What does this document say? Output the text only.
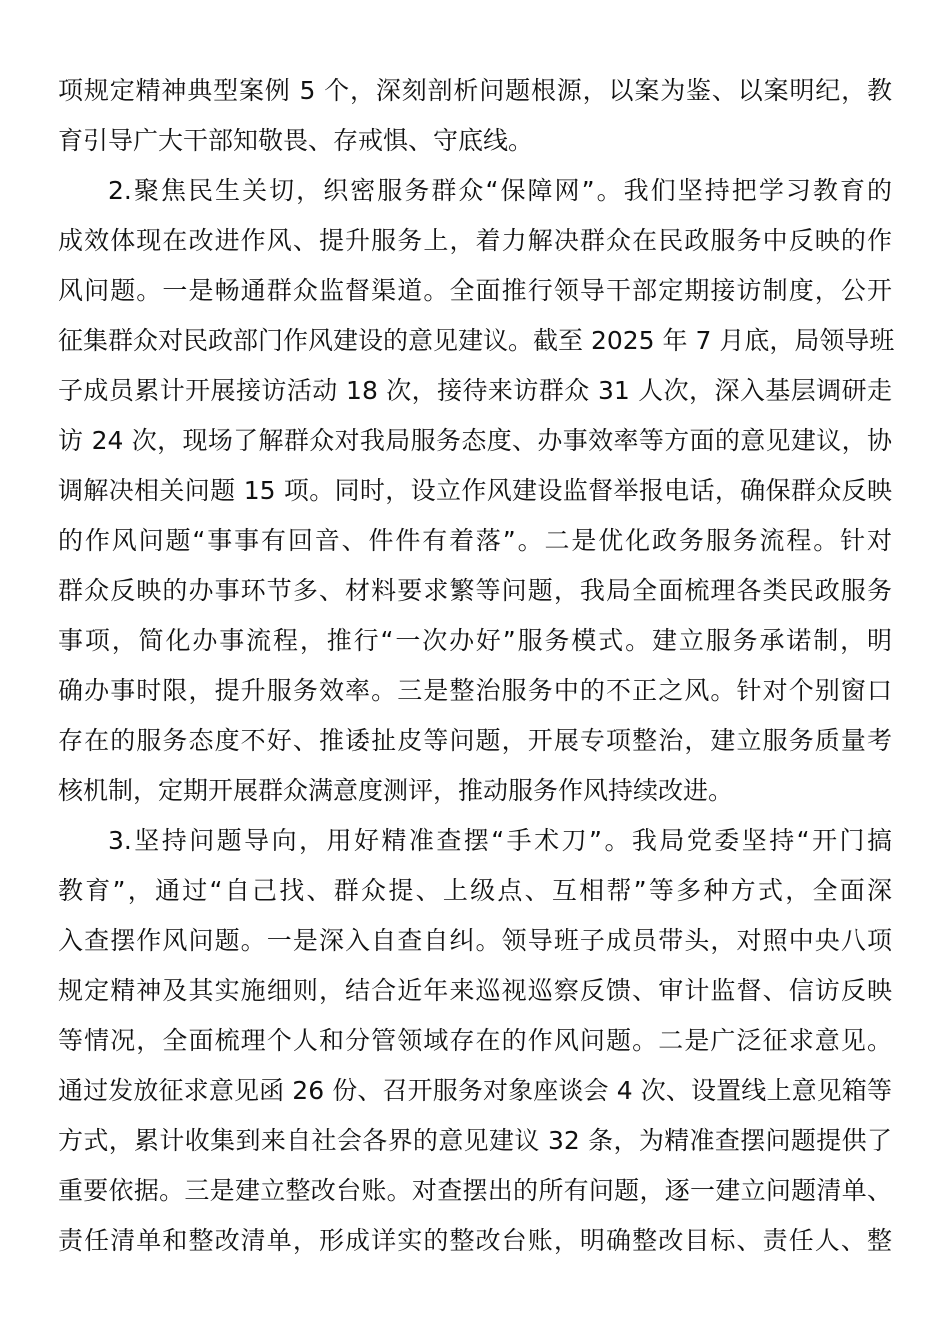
项规定精神典型案例 5 个，深刻剖析问题根源，以案为鉴、以案明纪，教
育引导广大干部知敬畏、存戒惧、守底线。
2.聚焦民生关切，织密服务群众“保障网”。我们坚持把学习教育的
成效体现在改进作风、提升服务上，着力解决群众在民政服务中反映的作
风问题。一是畅通群众监督渠道。全面推行领导干部定期接访制度，公开
征集群众对民政部门作风建设的意见建议。截至 2025 年 7 月底，局领导班
子成员累计开展接访活动 18 次，接待来访群众 31 人次，深入基层调研走
访 24 次，现场了解群众对我局服务态度、办事效率等方面的意见建议，协
调解决相关问题 15 项。同时，设立作风建设监督举报电话，确保群众反映
的作风问题“事事有回音、件件有着落”。二是优化政务服务流程。针对
群众反映的办事环节多、材料要求繁等问题，我局全面梳理各类民政服务
事项，简化办事流程，推行“一次办好”服务模式。建立服务承诺制，明
确办事时限，提升服务效率。三是整治服务中的不正之风。针对个别窗口
存在的服务态度不好、推诿扯皮等问题，开展专项整治，建立服务质量考
核机制，定期开展群众满意度测评，推动服务作风持续改进。
3.坚持问题导向，用好精准查摆“手术刀”。我局党委坚持“开门搞
教育”，通过“自己找、群众提、上级点、互相帮”等多种方式，全面深
入查摆作风问题。一是深入自查自纠。领导班子成员带头，对照中央八项
规定精神及其实施细则，结合近年来巡视巡察反馈、审计监督、信访反映
等情况，全面梳理个人和分管领域存在的作风问题。二是广泛征求意见。
通过发放征求意见函 26 份、召开服务对象座谈会 4 次、设置线上意见箱等
方式，累计收集到来自社会各界的意见建议 32 条，为精准查摆问题提供了
重要依据。三是建立整改台账。对查摆出的所有问题，逐一建立问题清单、
责任清单和整改清单，形成详实的整改台账，明确整改目标、责任人、整
